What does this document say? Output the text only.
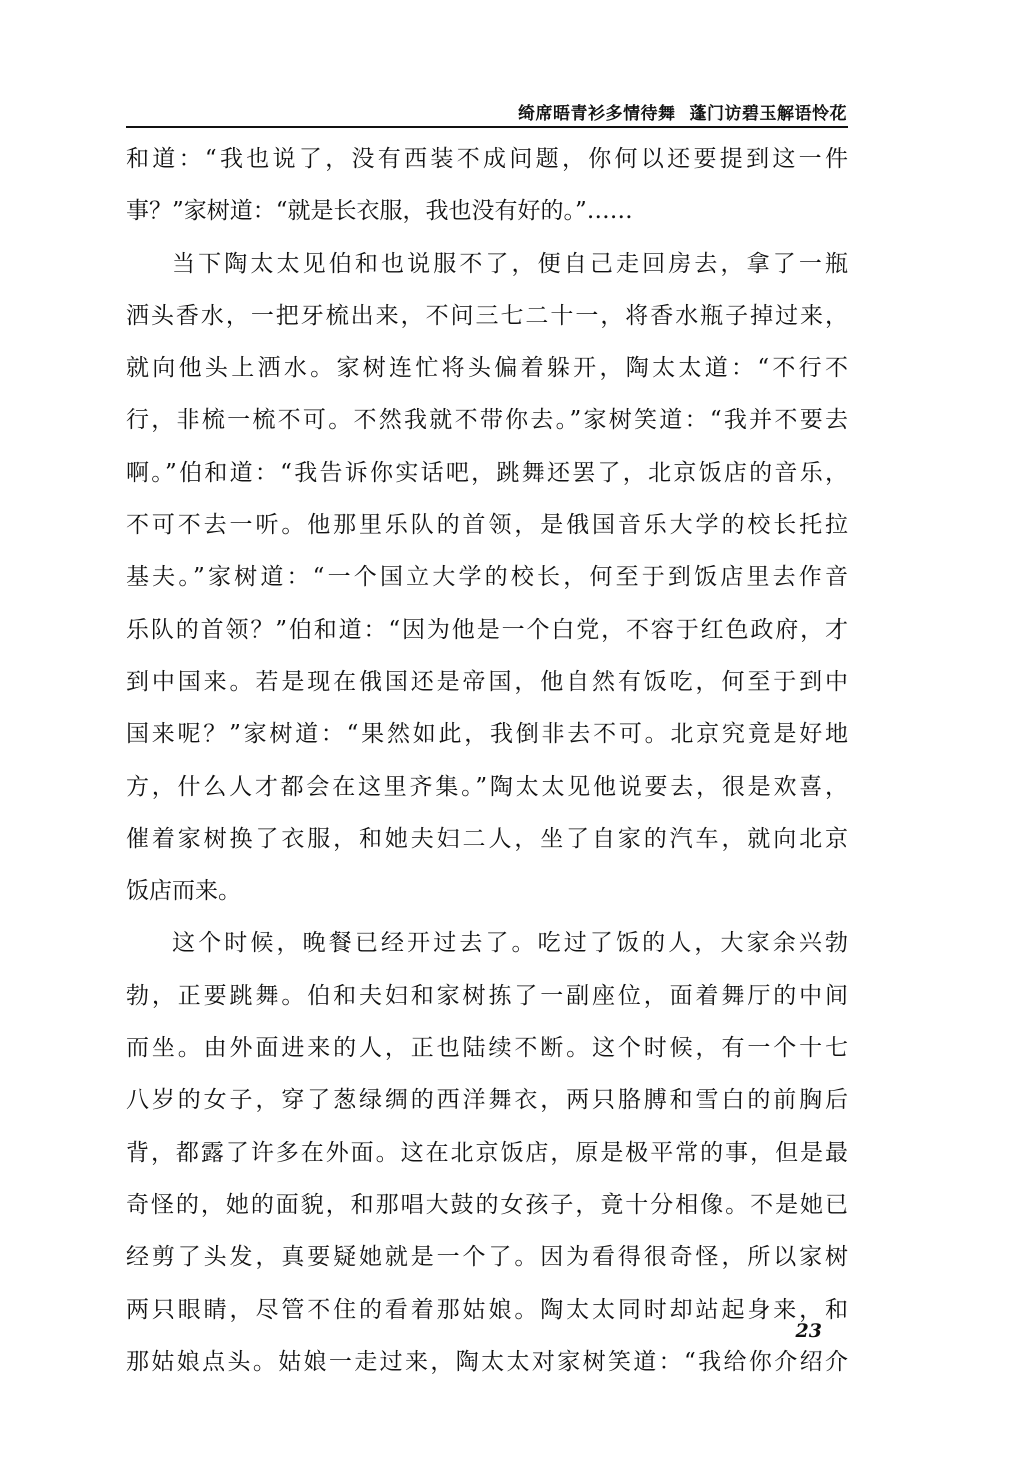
绮席晤青衫多情待舞 蓬门访碧玉解语怜花
和道：“我也说了，没有西装不成问题，你何以还要提到这一件
事？”家树道：“就是长衣服，我也没有好的。”……
当下陶太太见伯和也说服不了，便自己走回房去，拿了一瓶
洒头香水，一把牙梳出来，不问三七二十一，将香水瓶子掉过来，
就向他头上洒水。家树连忙将头偏着躲开，陶太太道：“不行不
行，非梳一梳不可。不然我就不带你去。”家树笑道：“我并不要去
啊。”伯和道：“我告诉你实话吧，跳舞还罢了，北京饭店的音乐，
不可不去一听。他那里乐队的首领，是俄国音乐大学的校长托拉
基夫。”家树道：“一个国立大学的校长，何至于到饭店里去作音
乐队的首领？”伯和道：“因为他是一个白党，不容于红色政府，才
到中国来。若是现在俄国还是帝国，他自然有饭吃，何至于到中
国来呢？”家树道：“果然如此，我倒非去不可。北京究竟是好地
方，什么人才都会在这里齐集。”陶太太见他说要去，很是欢喜，
催着家树换了衣服，和她夫妇二人，坐了自家的汽车，就向北京
饭店而来。
这个时候，晚餐已经开过去了。吃过了饭的人，大家余兴勃
勃，正要跳舞。伯和夫妇和家树拣了一副座位，面着舞厅的中间
而坐。由外面进来的人，正也陆续不断。这个时候，有一个十七
八岁的女子，穿了葱绿绸的西洋舞衣，两只胳膊和雪白的前胸后
背，都露了许多在外面。这在北京饭店，原是极平常的事，但是最
奇怪的，她的面貌，和那唱大鼓的女孩子，竟十分相像。不是她已
经剪了头发，真要疑她就是一个了。因为看得很奇怪，所以家树
两只眼睛，尽管不住的看着那姑娘。陶太太同时却站起身来，和
那姑娘点头。姑娘一走过来，陶太太对家树笑道：“我给你介绍介
23
